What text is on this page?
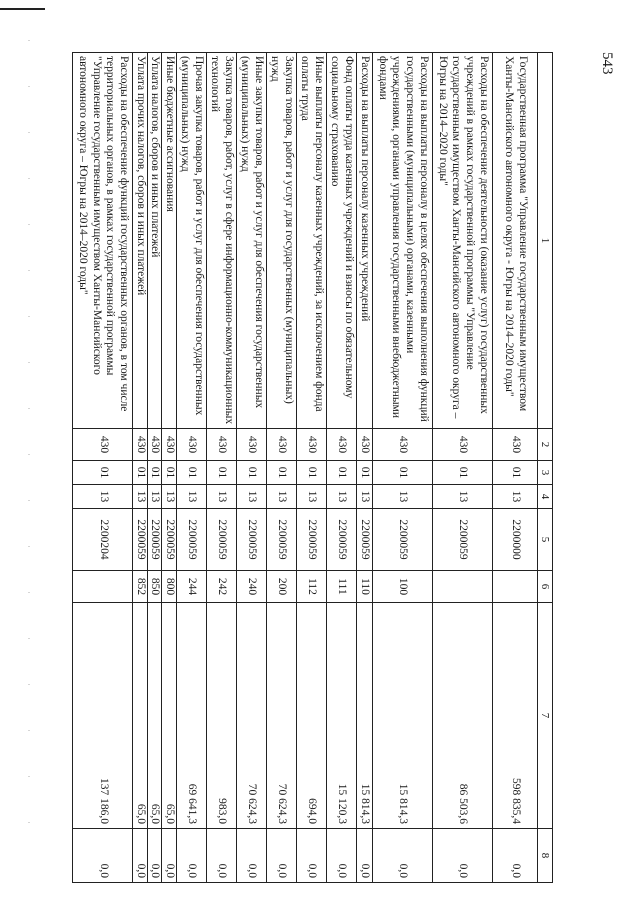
543
1	2	3	4	5	6	7	8
Государственная программа "Управление государственным имуществом Ханты-Мансийского автономного округа - Югры на 2014–2020 годы"	430	01	13	2200000		598 835,4	0,0
Расходы на обеспечение деятельности (оказание услуг) государственных учреждений в рамках государственной программы "Управление государственным имуществом Ханты-Мансийского автономного округа – Югры на 2014–2020 годы"	430	01	13	2200059		86 503,6	0,0
Расходы на выплаты персоналу в целях обеспечения выполнения функций государственными (муниципальными) органами, казенными учреждениями, органами управления государственными внебюджетными фондами	430	01	13	2200059	100	15 814,3	0,0
Расходы на выплаты персоналу казенных учреждений	430	01	13	2200059	110	15 814,3	0,0
Фонд оплаты труда казенных учреждений и взносы по обязательному социальному страхованию	430	01	13	2200059	111	15 120,3	0,0
Иные выплаты персоналу казенных учреждений, за исключением фонда оплаты труда	430	01	13	2200059	112	694,0	0,0
Закупка товаров, работ и услуг для государственных (муниципальных) нужд	430	01	13	2200059	200	70 624,3	0,0
Иные закупки товаров, работ и услуг для обеспечения государственных (муниципальных) нужд	430	01	13	2200059	240	70 624,3	0,0
Закупка товаров, работ, услуг в сфере информационно-коммуникационных технологий	430	01	13	2200059	242	983,0	0,0
Прочая закупка товаров, работ и услуг для обеспечения государственных (муниципальных) нужд	430	01	13	2200059	244	69 641,3	0,0
Иные бюджетные ассигнования	430	01	13	2200059	800	65,0	0,0
Уплата налогов, сборов и иных платежей	430	01	13	2200059	850	65,0	0,0
Уплата прочих налогов, сборов и иных платежей	430	01	13	2200059	852	65,0	0,0
Расходы на обеспечение функций государственных органов, в том числе территориальных органов, в рамках государственной программы "Управление государственным имуществом Ханты-Мансийского автономного округа – Югры на 2014–2020 годы"	430	01	13	2200204		137 186,0	0,0
